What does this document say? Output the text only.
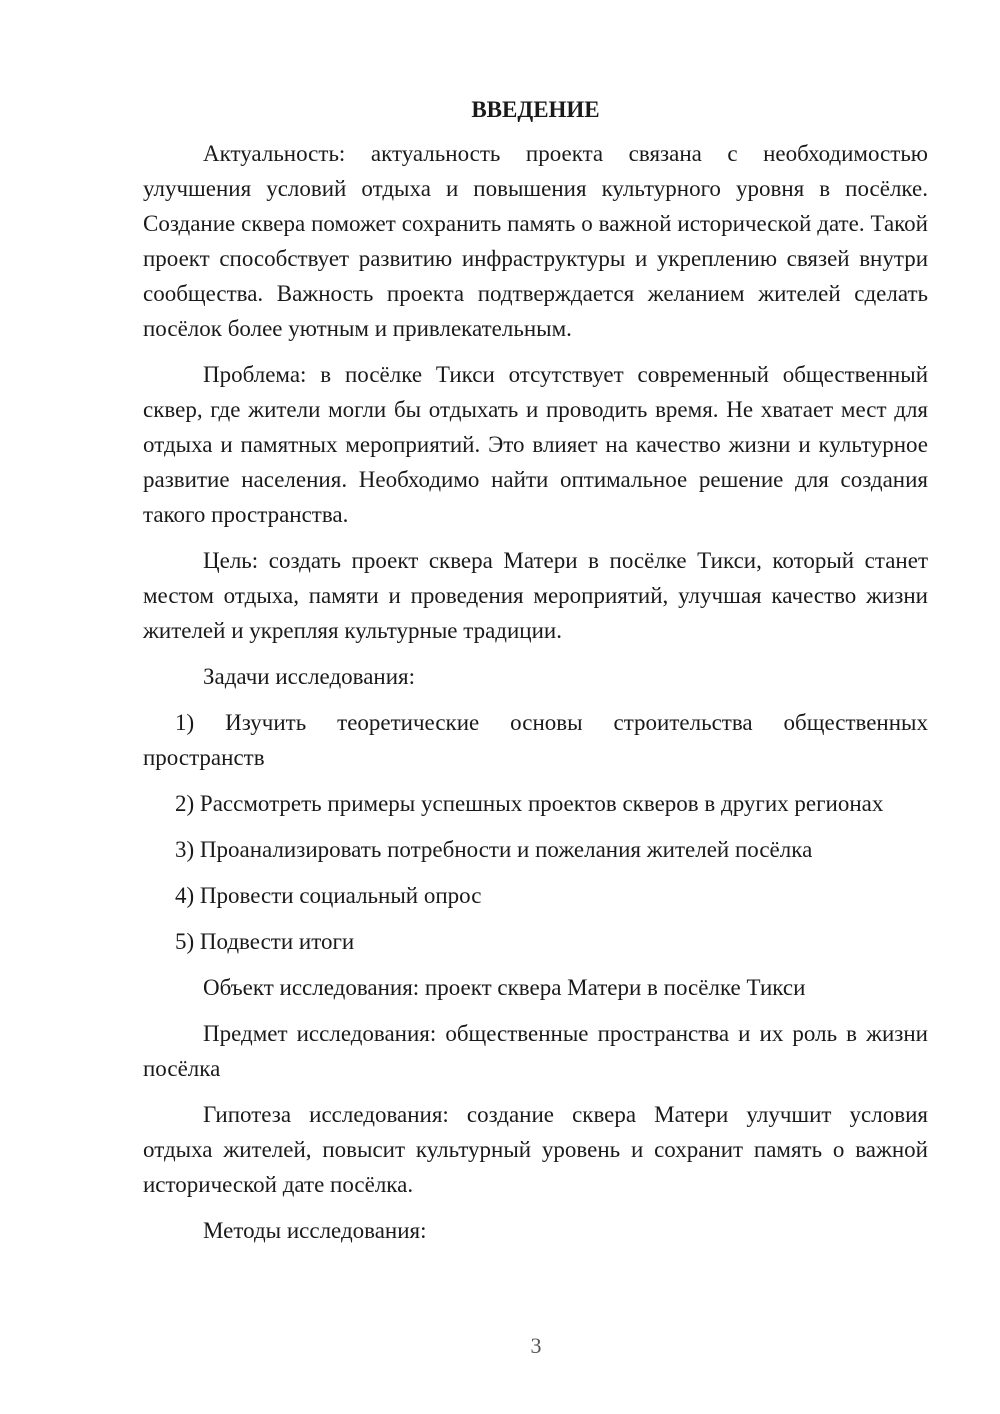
ВВЕДЕНИЕ

Актуальность: актуальность проекта связана с необходимостью улучшения условий отдыха и повышения культурного уровня в посёлке. Создание сквера поможет сохранить память о важной исторической дате. Такой проект способствует развитию инфраструктуры и укреплению связей внутри сообщества. Важность проекта подтверждается желанием жителей сделать посёлок более уютным и привлекательным.

Проблема: в посёлке Тикси отсутствует современный общественный сквер, где жители могли бы отдыхать и проводить время. Не хватает мест для отдыха и памятных мероприятий. Это влияет на качество жизни и культурное развитие населения. Необходимо найти оптимальное решение для создания такого пространства.

Цель: создать проект сквера Матери в посёлке Тикси, который станет местом отдыха, памяти и проведения мероприятий, улучшая качество жизни жителей и укрепляя культурные традиции.

Задачи исследования:

1) Изучить теоретические основы строительства общественных пространств

2) Рассмотреть примеры успешных проектов скверов в других регионах

3) Проанализировать потребности и пожелания жителей посёлка

4) Провести социальный опрос

5) Подвести итоги

Объект исследования: проект сквера Матери в посёлке Тикси

Предмет исследования: общественные пространства и их роль в жизни посёлка

Гипотеза исследования: создание сквера Матери улучшит условия отдыха жителей, повысит культурный уровень и сохранит память о важной исторической дате посёлка.

Методы исследования:

3
